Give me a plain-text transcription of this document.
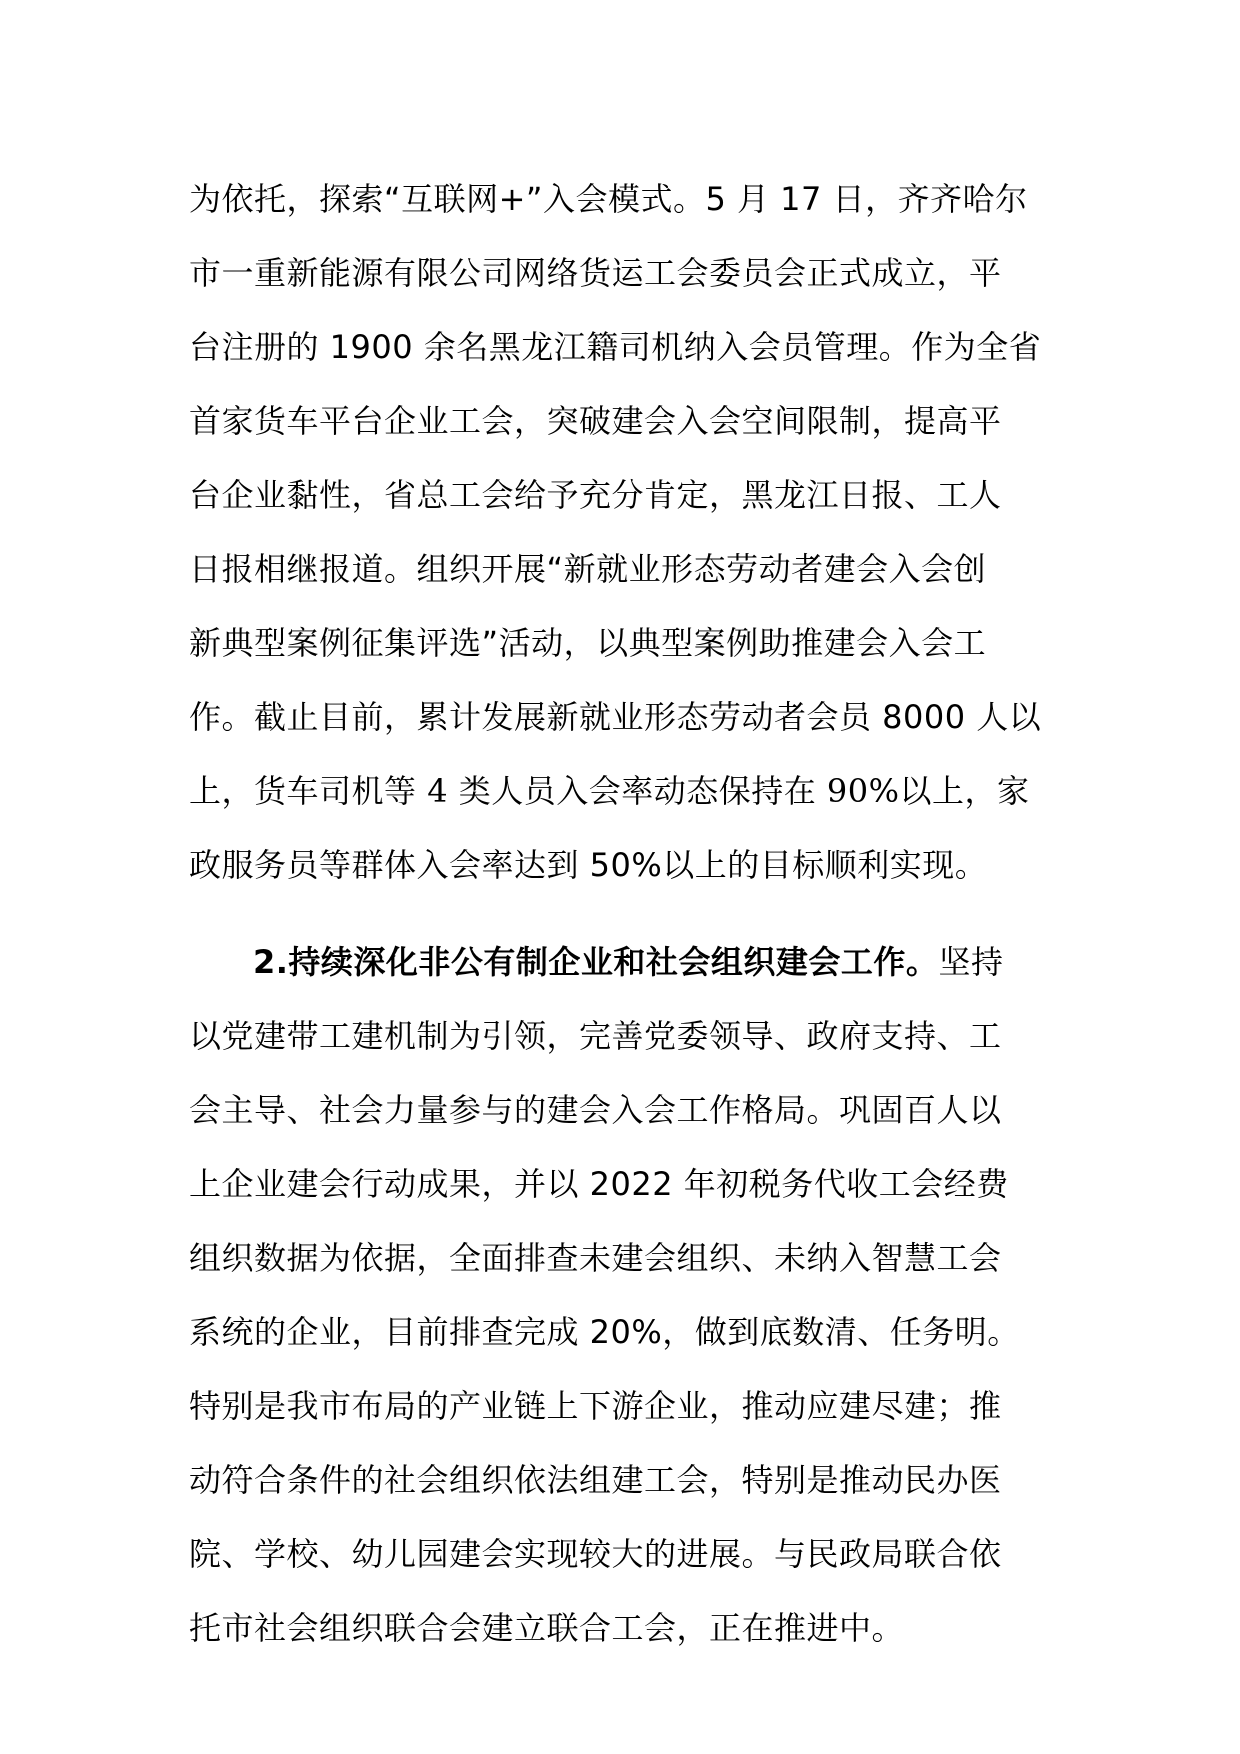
为依托，探索“互联网+”入会模式。5 月 17 日，齐齐哈尔
市一重新能源有限公司网络货运工会委员会正式成立，平
台注册的 1900 余名黑龙江籍司机纳入会员管理。作为全省
首家货车平台企业工会，突破建会入会空间限制，提高平
台企业黏性，省总工会给予充分肯定，黑龙江日报、工人
日报相继报道。组织开展“新就业形态劳动者建会入会创
新典型案例征集评选”活动，以典型案例助推建会入会工
作。截止目前，累计发展新就业形态劳动者会员 8000 人以
上，货车司机等 4 类人员入会率动态保持在 90%以上，家
政服务员等群体入会率达到 50%以上的目标顺利实现。
2.持续深化非公有制企业和社会组织建会工作。坚持
以党建带工建机制为引领，完善党委领导、政府支持、工
会主导、社会力量参与的建会入会工作格局。巩固百人以
上企业建会行动成果，并以 2022 年初税务代收工会经费
组织数据为依据，全面排查未建会组织、未纳入智慧工会
系统的企业，目前排查完成 20%，做到底数清、任务明。
特别是我市布局的产业链上下游企业，推动应建尽建；推
动符合条件的社会组织依法组建工会，特别是推动民办医
院、学校、幼儿园建会实现较大的进展。与民政局联合依
托市社会组织联合会建立联合工会，正在推进中。
